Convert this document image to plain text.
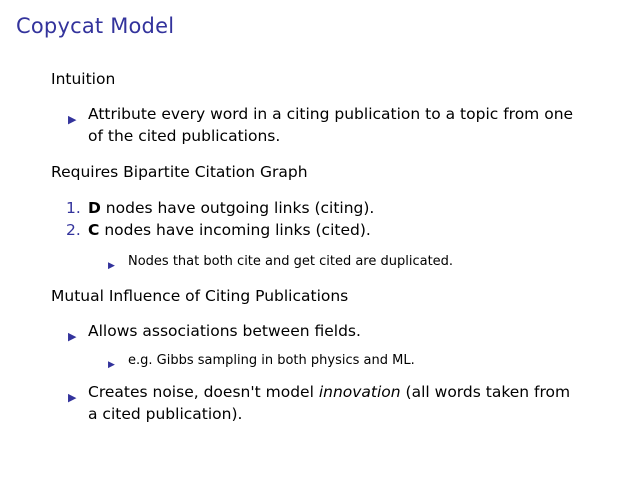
Copycat Model
Intuition
▶ Attribute every word in a citing publication to a topic from one
of the cited publications.
Requires Bipartite Citation Graph
1. D nodes have outgoing links (citing).
2. C nodes have incoming links (cited).
▶ Nodes that both cite and get cited are duplicated.
Mutual Influence of Citing Publications
▶ Allows associations between fields.
▶ e.g. Gibbs sampling in both physics and ML.
▶ Creates noise, doesn't model innovation (all words taken from
a cited publication).
